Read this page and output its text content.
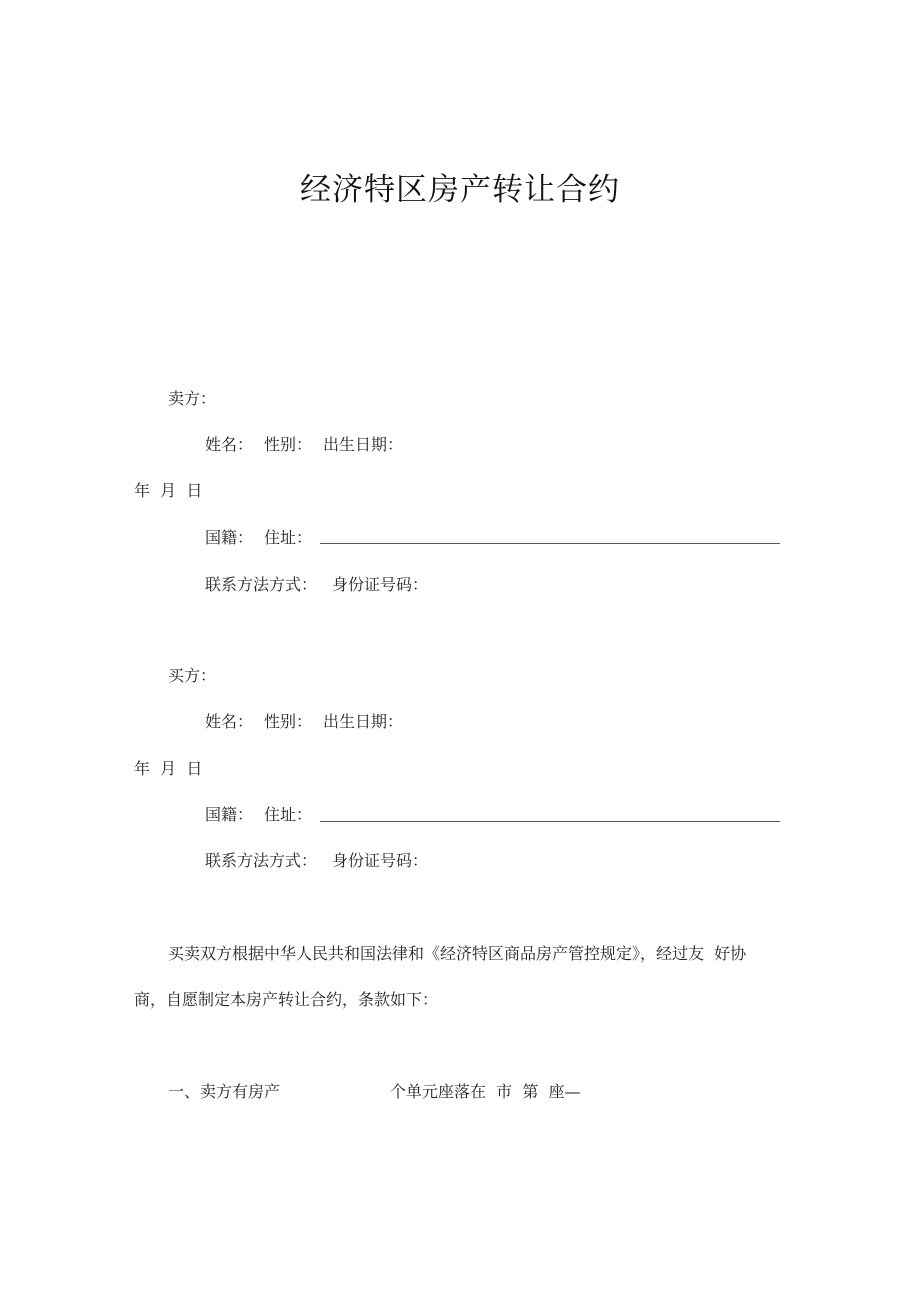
经济特区房产转让合约
卖方：
姓名： 性别： 出生日期：
年  月  日
国籍： 住址：
联系方法方式： 身份证号码：
买方：
姓名： 性别： 出生日期：
年  月  日
国籍： 住址：
联系方法方式： 身份证号码：
买卖双方根据中华人民共和国法律和《经济特区商品房产管控规定》，经过友  好协
商，自愿制定本房产转让合约，条款如下：
一、卖方有房产	个单元座落在  市  第  座—
